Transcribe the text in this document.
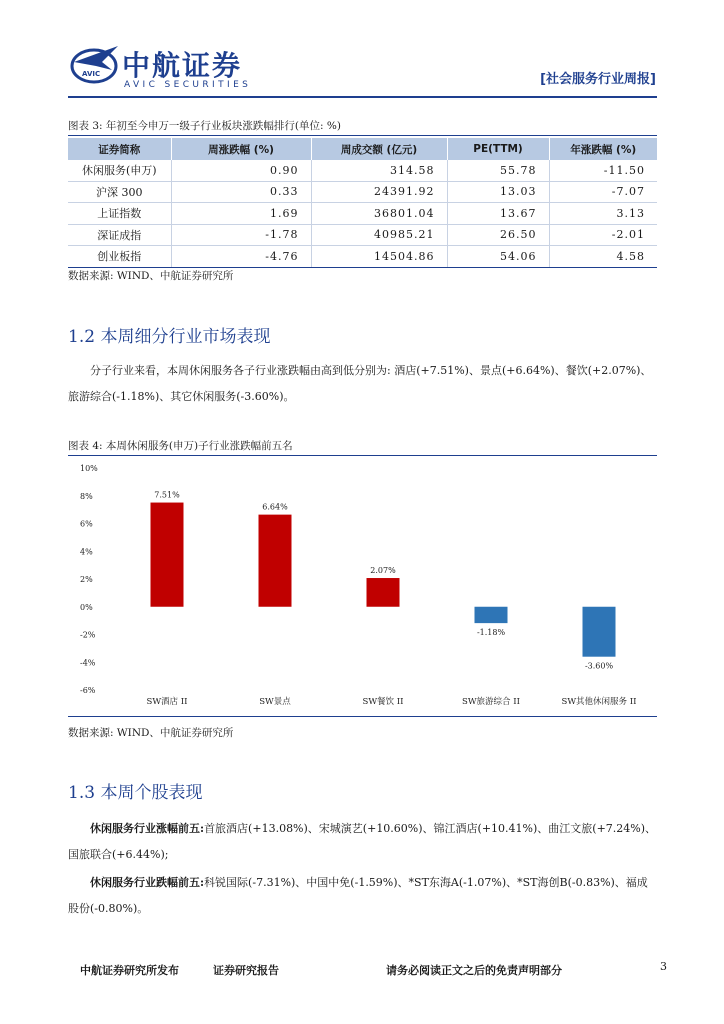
AVIC 中航证券
AVIC SECURITIES	[社会服务行业周报]
图表 3: 年初至今申万一级子行业板块涨跌幅排行(单位: %)
证券简称	周涨跌幅 (%)	周成交额 (亿元)	PE(TTM)	年涨跌幅 (%)
休闲服务(申万)	0.90	314.58	55.78	-11.50
沪深 300	0.33	24391.92	13.03	-7.07
上证指数	1.69	36801.04	13.67	3.13
深证成指	-1.78	40985.21	26.50	-2.01
创业板指	-4.76	14504.86	54.06	4.58
数据来源: WIND、中航证券研究所
1.2 本周细分行业市场表现
分子行业来看，本周休闲服务各子行业涨跌幅由高到低分别为: 酒店(+7.51%)、景点(+6.64%)、餐饮(+2.07%)、旅游综合(-1.18%)、其它休闲服务(-3.60%)。
图表 4: 本周休闲服务(申万)子行业涨跌幅前五名
-6%
-4%
-2%
0%
2%
4%
6%
8%
10%
7.51%
6.64%
2.07%
-1.18%
-3.60%
SW酒店 II	SW景点	SW餐饮 II	SW旅游综合 II	SW其他休闲服务 II
数据来源: WIND、中航证券研究所
1.3 本周个股表现
休闲服务行业涨幅前五:首旅酒店(+13.08%)、宋城演艺(+10.60%)、锦江酒店(+10.41%)、曲江文旅(+7.24%)、国旅联合(+6.44%);
休闲服务行业跌幅前五:科锐国际(-7.31%)、中国中免(-1.59%)、*ST东海A(-1.07%)、*ST海创B(-0.83%)、福成股份(-0.80%)。
中航证券研究所发布	证券研究报告	请务必阅读正文之后的免责声明部分	3
